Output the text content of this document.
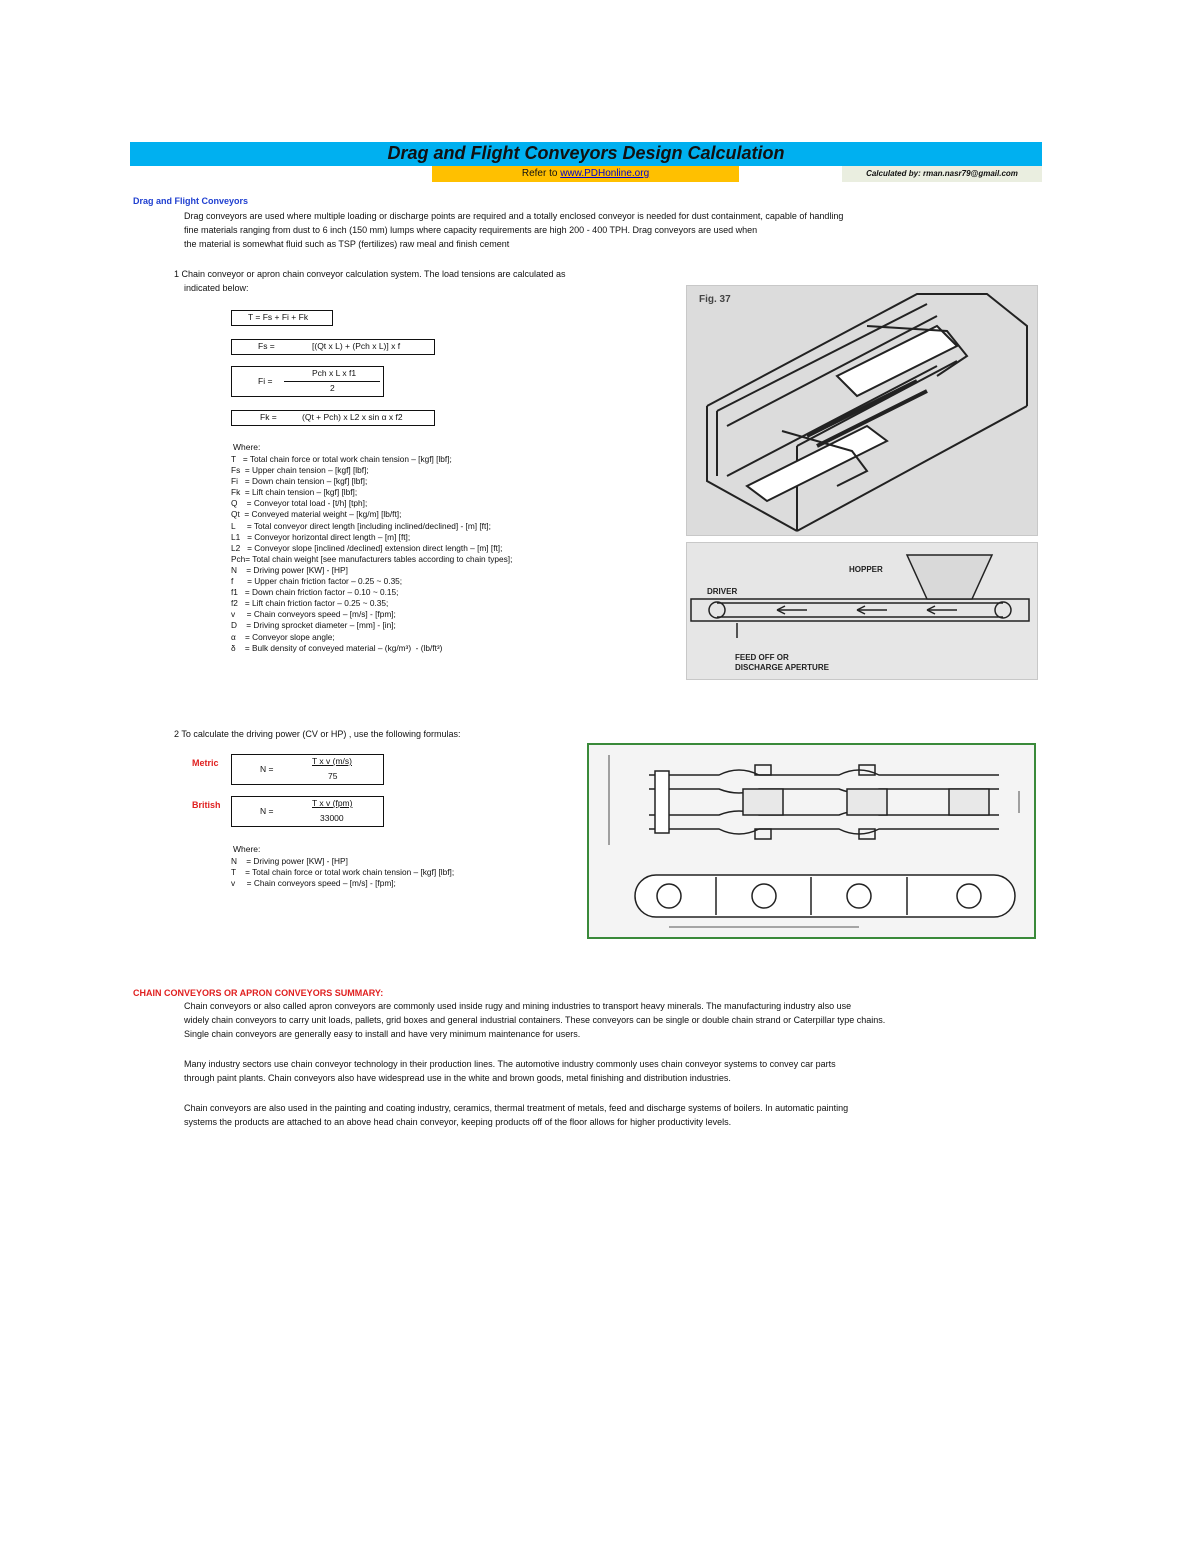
Drag and Flight Conveyors Design Calculation
Refer to www.PDHonline.org	Calculated by: rman.nasr79@gmail.com
Drag and Flight Conveyors
Drag conveyors are used where multiple loading or discharge points are required and a totally enclosed conveyor is needed for dust containment, capable of handling
fine materials ranging from dust to 6 inch (150 mm) lumps where capacity requirements are high 200 - 400 TPH. Drag conveyors are used when
the material is somewhat fluid such as TSP (fertilizes) raw meal and finish cement
1 Chain conveyor or apron chain conveyor calculation system. The load tensions are calculated as
indicated below:
T = Fs + Fi + Fk
Fs =	[(Qt x L) + (Pch x L)] x f
Fi =
Pch x L x f1
2
Fk =	(Qt + Pch) x L2 x sin α x f2
Where:
T   = Total chain force or total work chain tension – [kgf] [lbf];
Fs  = Upper chain tension – [kgf] [lbf];
Fi   = Down chain tension – [kgf] [lbf];
Fk  = Lift chain tension – [kgf] [lbf];
Q    = Conveyor total load - [t/h] [tph];
Qt  = Conveyed material weight – [kg/m] [lb/ft];
L     = Total conveyor direct length [including inclined/declined] - [m] [ft];
L1   = Conveyor horizontal direct length – [m] [ft];
L2   = Conveyor slope [inclined /declined] extension direct length – [m] [ft];
Pch= Total chain weight [see manufacturers tables according to chain types];
N    = Driving power [KW] - [HP]
f      = Upper chain friction factor – 0.25 ~ 0.35;
f1   = Down chain friction factor – 0.10 ~ 0.15;
f2   = Lift chain friction factor – 0.25 ~ 0.35;
v     = Chain conveyors speed – [m/s] - [fpm];
D    = Driving sprocket diameter – [mm] - [in];
α    = Conveyor slope angle;
δ    = Bulk density of conveyed material – (kg/m³)  - (lb/ft³)
Fig. 37
HOPPER
DRIVER
FEED OFF OR
DISCHARGE APERTURE
2 To calculate the driving power (CV or HP) , use the following formulas:
Metric
British
N =
T x v (m/s)
75
N =
T x v (fpm)
33000
Where:
N    = Driving power [KW] - [HP]
T    = Total chain force or total work chain tension – [kgf] [lbf];
v     = Chain conveyors speed – [m/s] - [fpm];
CHAIN CONVEYORS OR APRON CONVEYORS SUMMARY:
Chain conveyors or also called apron conveyors are commonly used inside rugy and mining industries to transport heavy minerals. The manufacturing industry also use
widely chain conveyors to carry unit loads, pallets, grid boxes and general industrial containers. These conveyors can be single or double chain strand or Caterpillar type chains.
Single chain conveyors are generally easy to install and have very minimum maintenance for users.
Many industry sectors use chain conveyor technology in their production lines. The automotive industry commonly uses chain conveyor systems to convey car parts
through paint plants. Chain conveyors also have widespread use in the white and brown goods, metal finishing and distribution industries.
Chain conveyors are also used in the painting and coating industry, ceramics, thermal treatment of metals, feed and discharge systems of boilers. In automatic painting
systems the products are attached to an above head chain conveyor, keeping products off of the floor allows for higher productivity levels.
